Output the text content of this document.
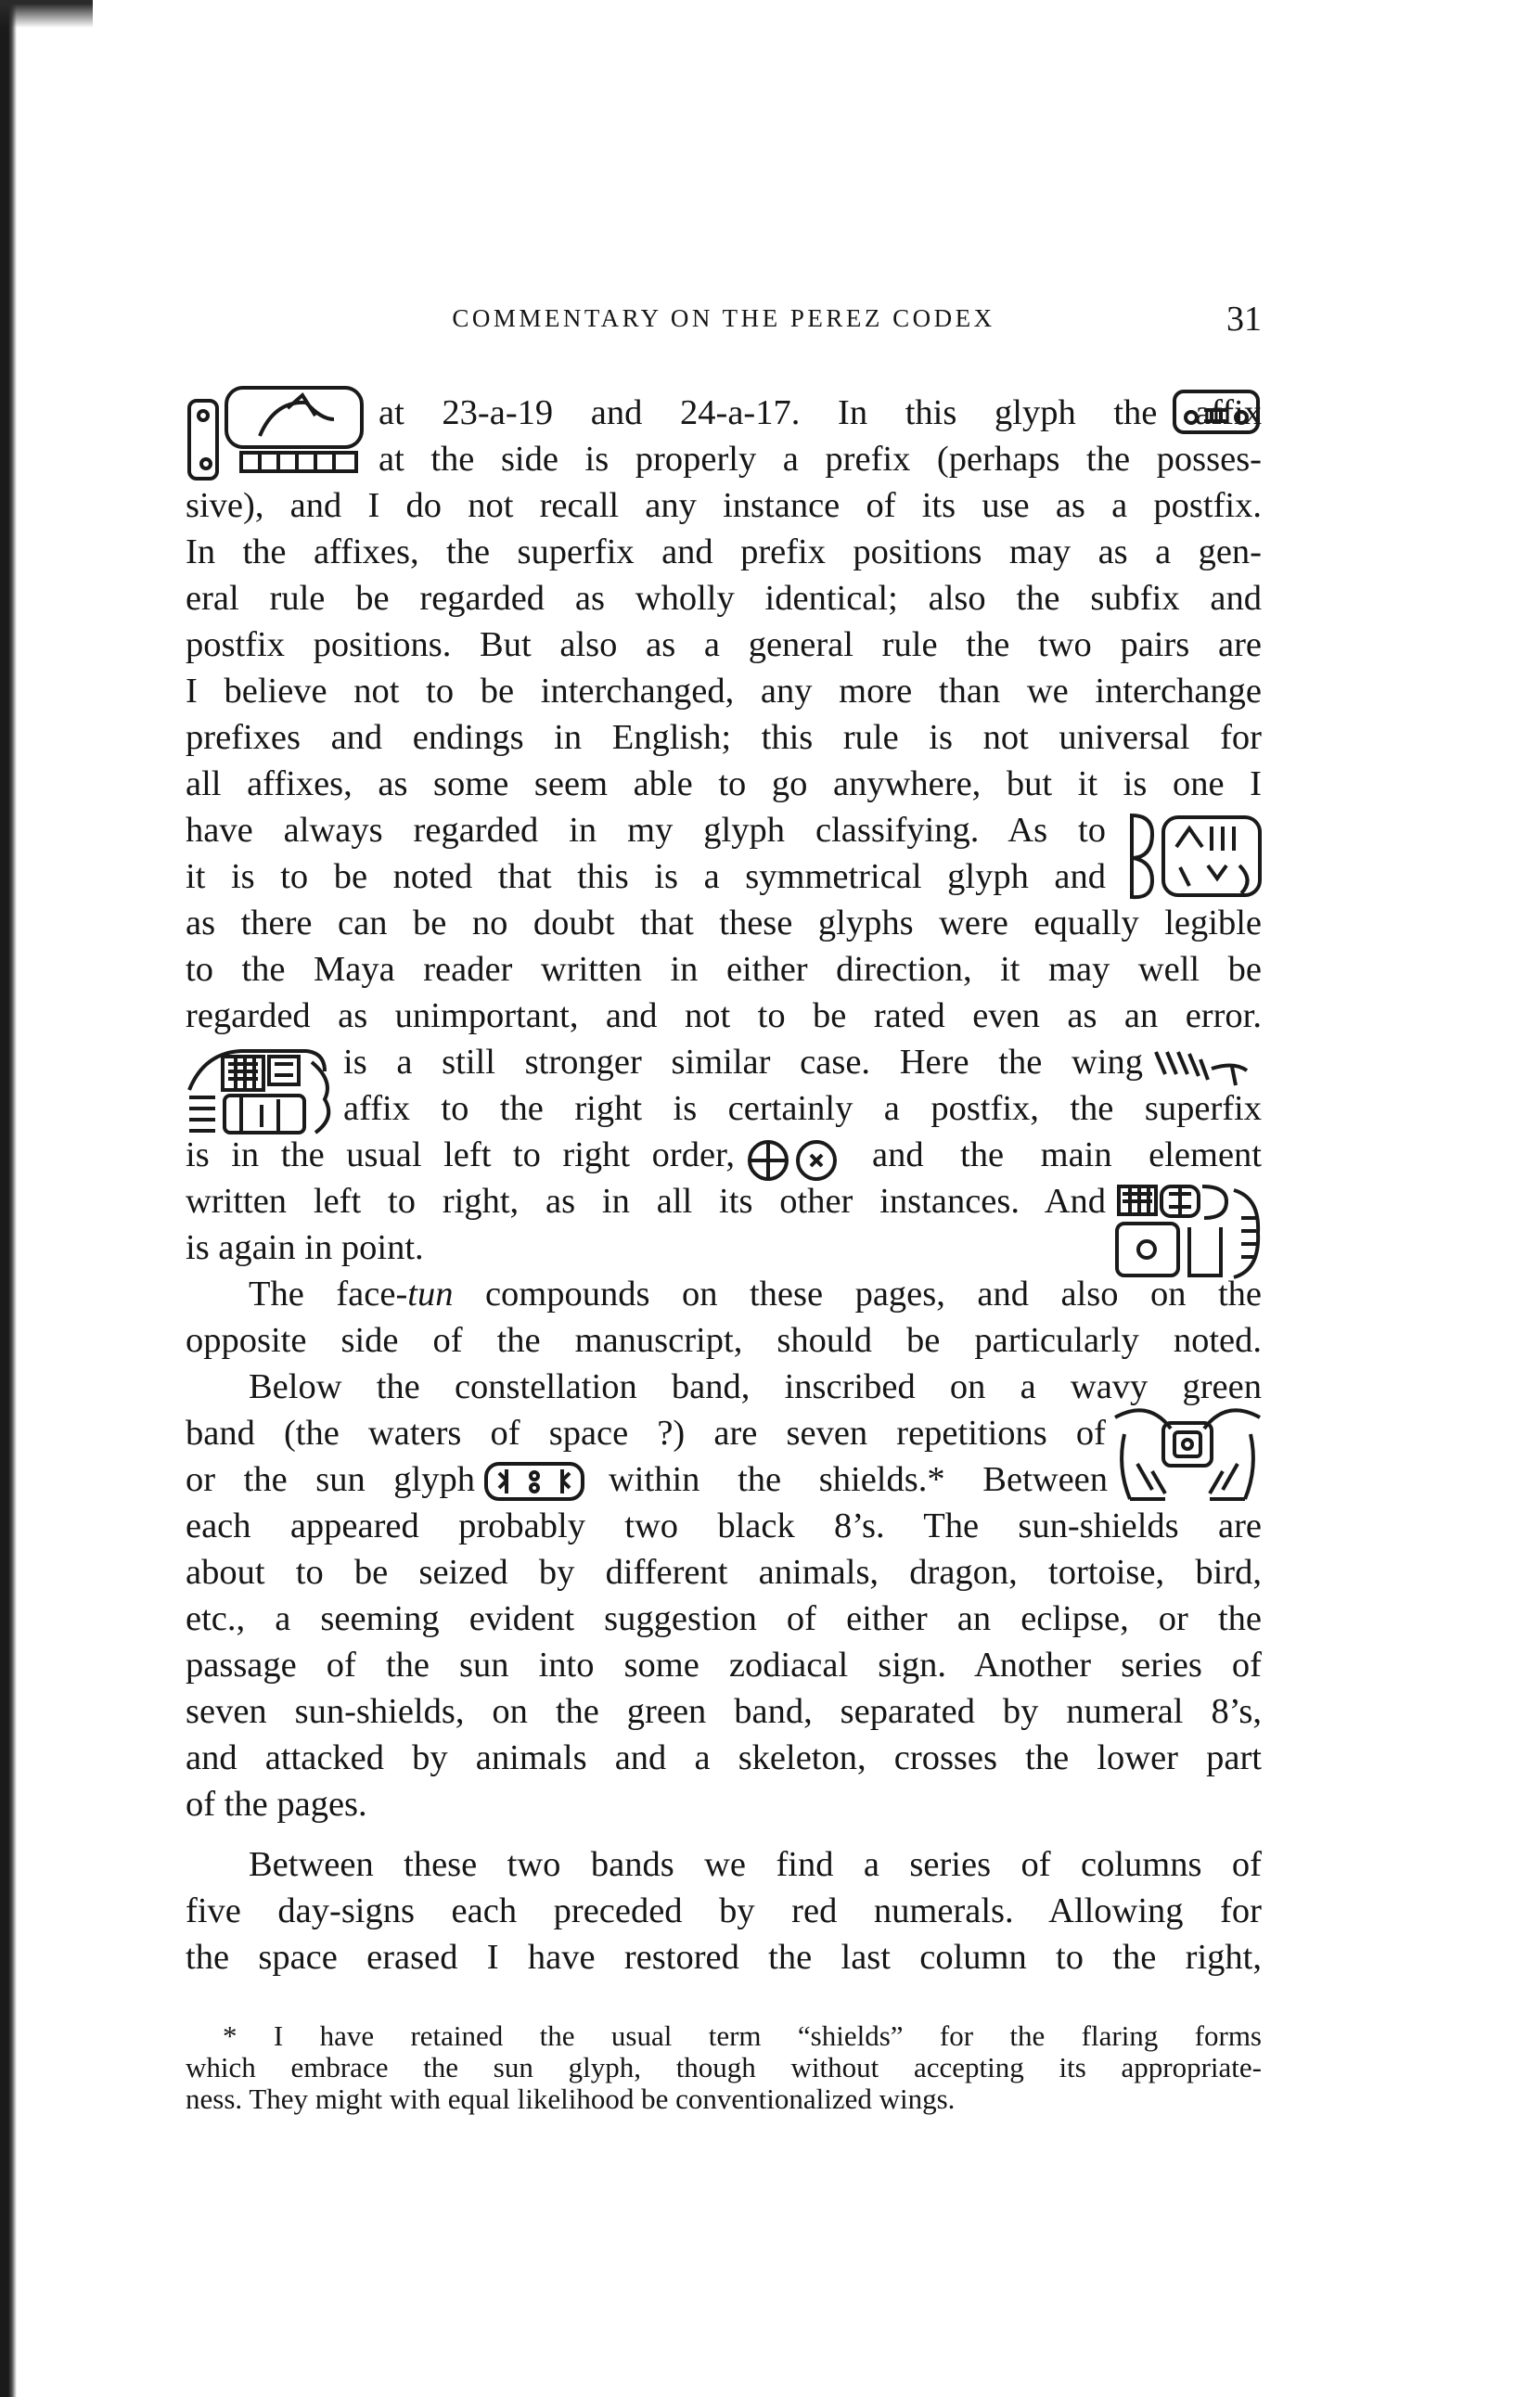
COMMENTARY ON THE PEREZ CODEX	31
at 23-a-19 and 24-a-17. In this glyph the affix
at the side is properly a prefix (perhaps the posses-
sive), and I do not recall any instance of its use as a postfix.
In the affixes, the superfix and prefix positions may as a gen-
eral rule be regarded as wholly identical; also the subfix and
postfix positions. But also as a general rule the two pairs are
I believe not to be interchanged, any more than we interchange
prefixes and endings in English; this rule is not universal for
all affixes, as some seem able to go anywhere, but it is one I
have always regarded in my glyph classifying. As to
it is to be noted that this is a symmetrical glyph and
as there can be no doubt that these glyphs were equally legible
to the Maya reader written in either direction, it may well be
regarded as unimportant, and not to be rated even as an error.
is a still stronger similar case. Here the wing
affix to the right is certainly a postfix, the superfix
is in the usual left to right order,	and the main element
written left to right, as in all its other instances. And
is again in point.
The face-tun compounds on these pages, and also on the
opposite side of the manuscript, should be particularly noted.
Below the constellation band, inscribed on a wavy green
band (the waters of space ?) are seven repetitions of
or the sun glyph	within the shields.* Between
each appeared probably two black 8’s. The sun-shields are
about to be seized by different animals, dragon, tortoise, bird,
etc., a seeming evident suggestion of either an eclipse, or the
passage of the sun into some zodiacal sign. Another series of
seven sun-shields, on the green band, separated by numeral 8’s,
and attacked by animals and a skeleton, crosses the lower part
of the pages.
Between these two bands we find a series of columns of
five day-signs each preceded by red numerals. Allowing for
the space erased I have restored the last column to the right,
* I have retained the usual term “shields” for the flaring forms
which embrace the sun glyph, though without accepting its appropriate-
ness. They might with equal likelihood be conventionalized wings.
